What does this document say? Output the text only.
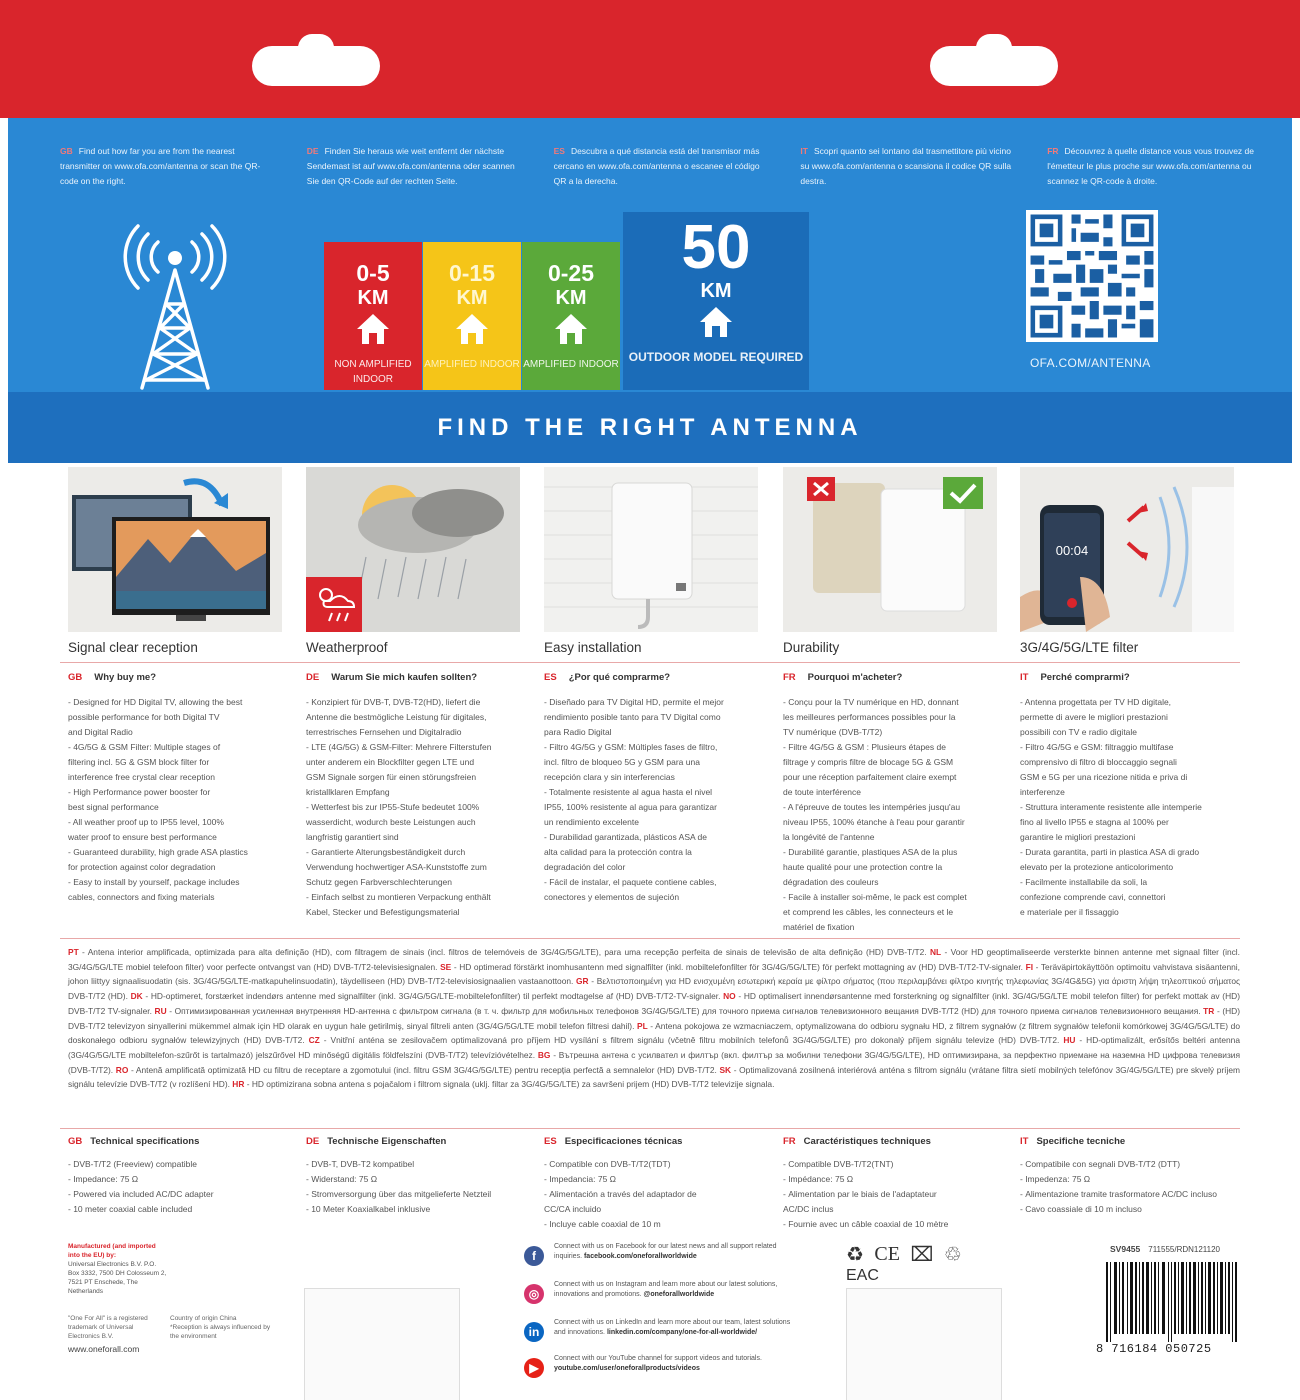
GB Find out how far you are from the nearest transmitter on www.ofa.com/antenna or scan the QR-code on the right.
DE Finden Sie heraus wie weit entfernt der nächste Sendemast ist auf www.ofa.com/antenna oder scannen Sie den QR-Code auf der rechten Seite.
ES Descubra a qué distancia está del transmisor más cercano en www.ofa.com/antenna o escanee el código QR a la derecha.
IT Scopri quanto sei lontano dal trasmettitore più vicino su www.ofa.com/antenna o scansiona il codice QR sulla destra.
FR Découvrez à quelle distance vous vous trouvez de l'émetteur le plus proche sur www.ofa.com/antenna ou scannez le QR-code à droite.
0-5
KM
NON AMPLIFIED INDOOR
0-15
KM
AMPLIFIED INDOOR
0-25
KM
AMPLIFIED INDOOR
50
KM
OUTDOOR MODEL REQUIRED	OFA.COM/ANTENNA
FIND THE RIGHT ANTENNA
00:04
Signal clear reception	Weatherproof	Easy installation	Durability	3G/4G/5G/LTE filter
GB Why buy me?
- Designed for HD Digital TV, allowing the best
possible performance for both Digital TV
and Digital Radio
- 4G/5G & GSM Filter: Multiple stages of
filtering incl. 5G & GSM block filter for
interference free crystal clear reception
- High Performance power booster for
best signal performance
- All weather proof up to IP55 level, 100%
water proof to ensure best performance
- Guaranteed durability, high grade ASA plastics
for protection against color degradation
- Easy to install by yourself, package includes
cables, connectors and fixing materials
DE Warum Sie mich kaufen sollten?
- Konzipiert für DVB-T, DVB-T2(HD), liefert die
Antenne die bestmögliche Leistung für digitales,
terrestrisches Fernsehen und Digitalradio
- LTE (4G/5G) & GSM-Filter: Mehrere Filterstufen
unter anderem ein Blockfilter gegen LTE und
GSM Signale sorgen für einen störungsfreien
kristallklaren Empfang
- Wetterfest bis zur IP55-Stufe bedeutet 100%
wasserdicht, wodurch beste Leistungen auch
langfristig garantiert sind
- Garantierte Alterungsbeständigkeit durch
Verwendung hochwertiger ASA-Kunststoffe zum
Schutz gegen Farbverschlechterungen
- Einfach selbst zu montieren Verpackung enthält
Kabel, Stecker und Befestigungsmaterial
ES ¿Por qué comprarme?
- Diseñado para TV Digital HD, permite el mejor
rendimiento posible tanto para TV Digital como
para Radio Digital
- Filtro 4G/5G y GSM: Múltiples fases de filtro,
incl. filtro de bloqueo 5G y GSM para una
recepción clara y sin interferencias
- Totalmente resistente al agua hasta el nivel
IP55, 100% resistente al agua para garantizar
un rendimiento excelente
- Durabilidad garantizada, plásticos ASA de
alta calidad para la protección contra la
degradación del color
- Fácil de instalar, el paquete contiene cables,
conectores y elementos de sujeción
FR Pourquoi m'acheter?
- Conçu pour la TV numérique en HD, donnant
les meilleures performances possibles pour la
TV numérique (DVB-T/T2)
- Filtre 4G/5G & GSM : Plusieurs étapes de
filtrage y compris filtre de blocage 5G & GSM
pour une réception parfaitement claire exempt
de toute interférence
- A l'épreuve de toutes les intempéries jusqu'au
niveau IP55, 100% étanche à l'eau pour garantir
la longévité de l'antenne
- Durabilité garantie, plastiques ASA de la plus
haute qualité pour une protection contre la
dégradation des couleurs
- Facile à installer soi-même, le pack est complet
et comprend les câbles, les connecteurs et le
matériel de fixation
IT Perché comprarmi?
- Antenna progettata per TV HD digitale,
permette di avere le migliori prestazioni
possibili con TV e radio digitale
- Filtro 4G/5G e GSM: filtraggio multifase
comprensivo di filtro di bloccaggio segnali
GSM e 5G per una ricezione nitida e priva di
interferenze
- Struttura interamente resistente alle intemperie
fino al livello IP55 e stagna al 100% per
garantire le migliori prestazioni
- Durata garantita, parti in plastica ASA di grado
elevato per la protezione anticolorimento
- Facilmente installabile da soli, la
confezione comprende cavi, connettori
e materiale per il fissaggio
PT - Antena interior amplificada, optimizada para alta definição (HD), com filtragem de sinais (incl. filtros de telemóveis de 3G/4G/5G/LTE), para uma recepção perfeita de sinais de televisão de alta definição (HD) DVB-T/T2. NL - Voor HD geoptimaliseerde versterkte binnen antenne met signaal filter (incl. 3G/4G/5G/LTE mobiel telefoon filter) voor perfecte ontvangst van (HD) DVB-T/T2-televisiesignalen. SE - HD optimerad förstärkt inomhusantenn med signalfilter (inkl. mobiltelefonfilter för 3G/4G/5G/LTE) för perfekt mottagning av (HD) DVB-T/T2-TV-signaler. FI - Teräväpirtokäyttöön optimoitu vahvistava sisäantenni, johon liittyy signaalisuodatin (sis. 3G/4G/5G/LTE-matkapuhelinsuodatin), täydelliseen (HD) DVB-T/T2-televisiosignaalien vastaanottoon. GR - Βελτιστοποιημένη για HD ενισχυμένη εσωτερική κεραία με φίλτρο σήματος (που περιλαμβάνει φίλτρο κινητής τηλεφωνίας 3G/4G&5G) για άριστη λήψη τηλεοπτικού σήματος DVB-T/T2 (HD). DK - HD-optimeret, forstærket indendørs antenne med signalfilter (inkl. 3G/4G/5G/LTE-mobiltelefonfilter) til perfekt modtagelse af (HD) DVB-T/T2-TV-signaler. NO - HD optimalisert innendørsantenne med forsterkning og signalfilter (inkl. 3G/4G/5G/LTE mobil telefon filter) for perfekt mottak av (HD) DVB-T/T2 TV-signaler. RU - Оптимизированная усиленная внутренняя HD-антенна с фильтром сигнала (в т. ч. фильтр для мобильных телефонов 3G/4G/5G/LTE) для точного приема сигналов телевизионного вещания DVB-T/T2 (HD) для точного приема сигналов телевизионного вещания. TR - (HD) DVB-T/T2 televizyon sinyallerini mükemmel almak için HD olarak en uygun hale getirilmiş, sinyal filtreli anten (3G/4G/5G/LTE mobil telefon filtresi dahil). PL - Antena pokojowa ze wzmacniaczem, optymalizowana do odbioru sygnału HD, z filtrem sygnałów (z filtrem sygnałów telefonii komórkowej 3G/4G/5G/LTE) do doskonałego odbioru sygnałów telewizyjnych (HD) DVB-T/T2. CZ - Vnitřní anténa se zesilovačem optimalizovaná pro příjem HD vysílání s filtrem signálu (včetně filtru mobilních telefonů 3G/4G/5G/LTE) pro dokonalý příjem signálu televize (HD) DVB-T/T2. HU - HD-optimalizált, erősítős beltéri antenna (3G/4G/5G/LTE mobiltelefon-szűrőt is tartalmazó) jelszűrővel HD minőségű digitális földfelszíni (DVB-T/T2) televízióvételhez. BG - Вътрешна антена с усилвател и филтър (вкл. филтър за мобилни телефони 3G/4G/5G/LTE), HD оптимизирана, за перфектно приемане на наземна HD цифрова телевизия (DVB-T/T2). RO - Antenă amplificată optimizată HD cu filtru de receptare a zgomotului (incl. filtru GSM 3G/4G/5G/LTE) pentru recepția perfectă a semnalelor (HD) DVB-T/T2. SK - Optimalizovaná zosilnená interiérová anténa s filtrom signálu (vrátane filtra sietí mobilných telefónov 3G/4G/5G/LTE) pre skvelý príjem signálu televízie DVB-T/T2 (v rozlíšení HD). HR - HD optimizirana sobna antena s pojačalom i filtrom signala (uklj. filtar za 3G/4G/5G/LTE) za savršeni prijem (HD) DVB-T/T2 televizije signala.
GB Technical specifications
- DVB-T/T2 (Freeview) compatible
- Impedance: 75 Ω
- Powered via included AC/DC adapter
- 10 meter coaxial cable included
DE Technische Eigenschaften
- DVB-T, DVB-T2 kompatibel
- Widerstand: 75 Ω
- Stromversorgung über das mitgelieferte Netzteil
- 10 Meter Koaxialkabel inklusive
ES Especificaciones técnicas
- Compatible con DVB-T/T2(TDT)
- Impedancia: 75 Ω
- Alimentación a través del adaptador de
CC/CA incluido
- Incluye cable coaxial de 10 m
FR Caractéristiques techniques
- Compatible DVB-T/T2(TNT)
- Impédance: 75 Ω
- Alimentation par le biais de l'adaptateur
AC/DC inclus
- Fournie avec un câble coaxial de 10 mètre
IT Specifiche tecniche
- Compatibile con segnali DVB-T/T2 (DTT)
- Impedenza: 75 Ω
- Alimentazione tramite trasformatore AC/DC incluso
- Cavo coassiale di 10 m incluso
Manufactured (and imported into the EU) by:
Universal Electronics B.V. P.O. Box 3332, 7500 DH Colosseum 2, 7521 PT Enschede, The Netherlands
"One For All" is a registered trademark of Universal Electronics B.V.
Country of origin China
*Reception is always influenced by the environment
www.oneforall.com
f
Connect with us on Facebook for our latest news and all support related inquiries. facebook.com/oneforallworldwide
◎
Connect with us on Instagram and learn more about our latest solutions, innovations and promotions. @oneforallworldwide
in
Connect with us on LinkedIn and learn more about our team, latest solutions and innovations. linkedin.com/company/one-for-all-worldwide/
▶
Connect with our YouTube channel for support videos and tutorials. youtube.com/user/oneforallproducts/videos
♻ CE ⌧ ♲ EAC
SV9455 711555/RDN121120
8 716184 050725
